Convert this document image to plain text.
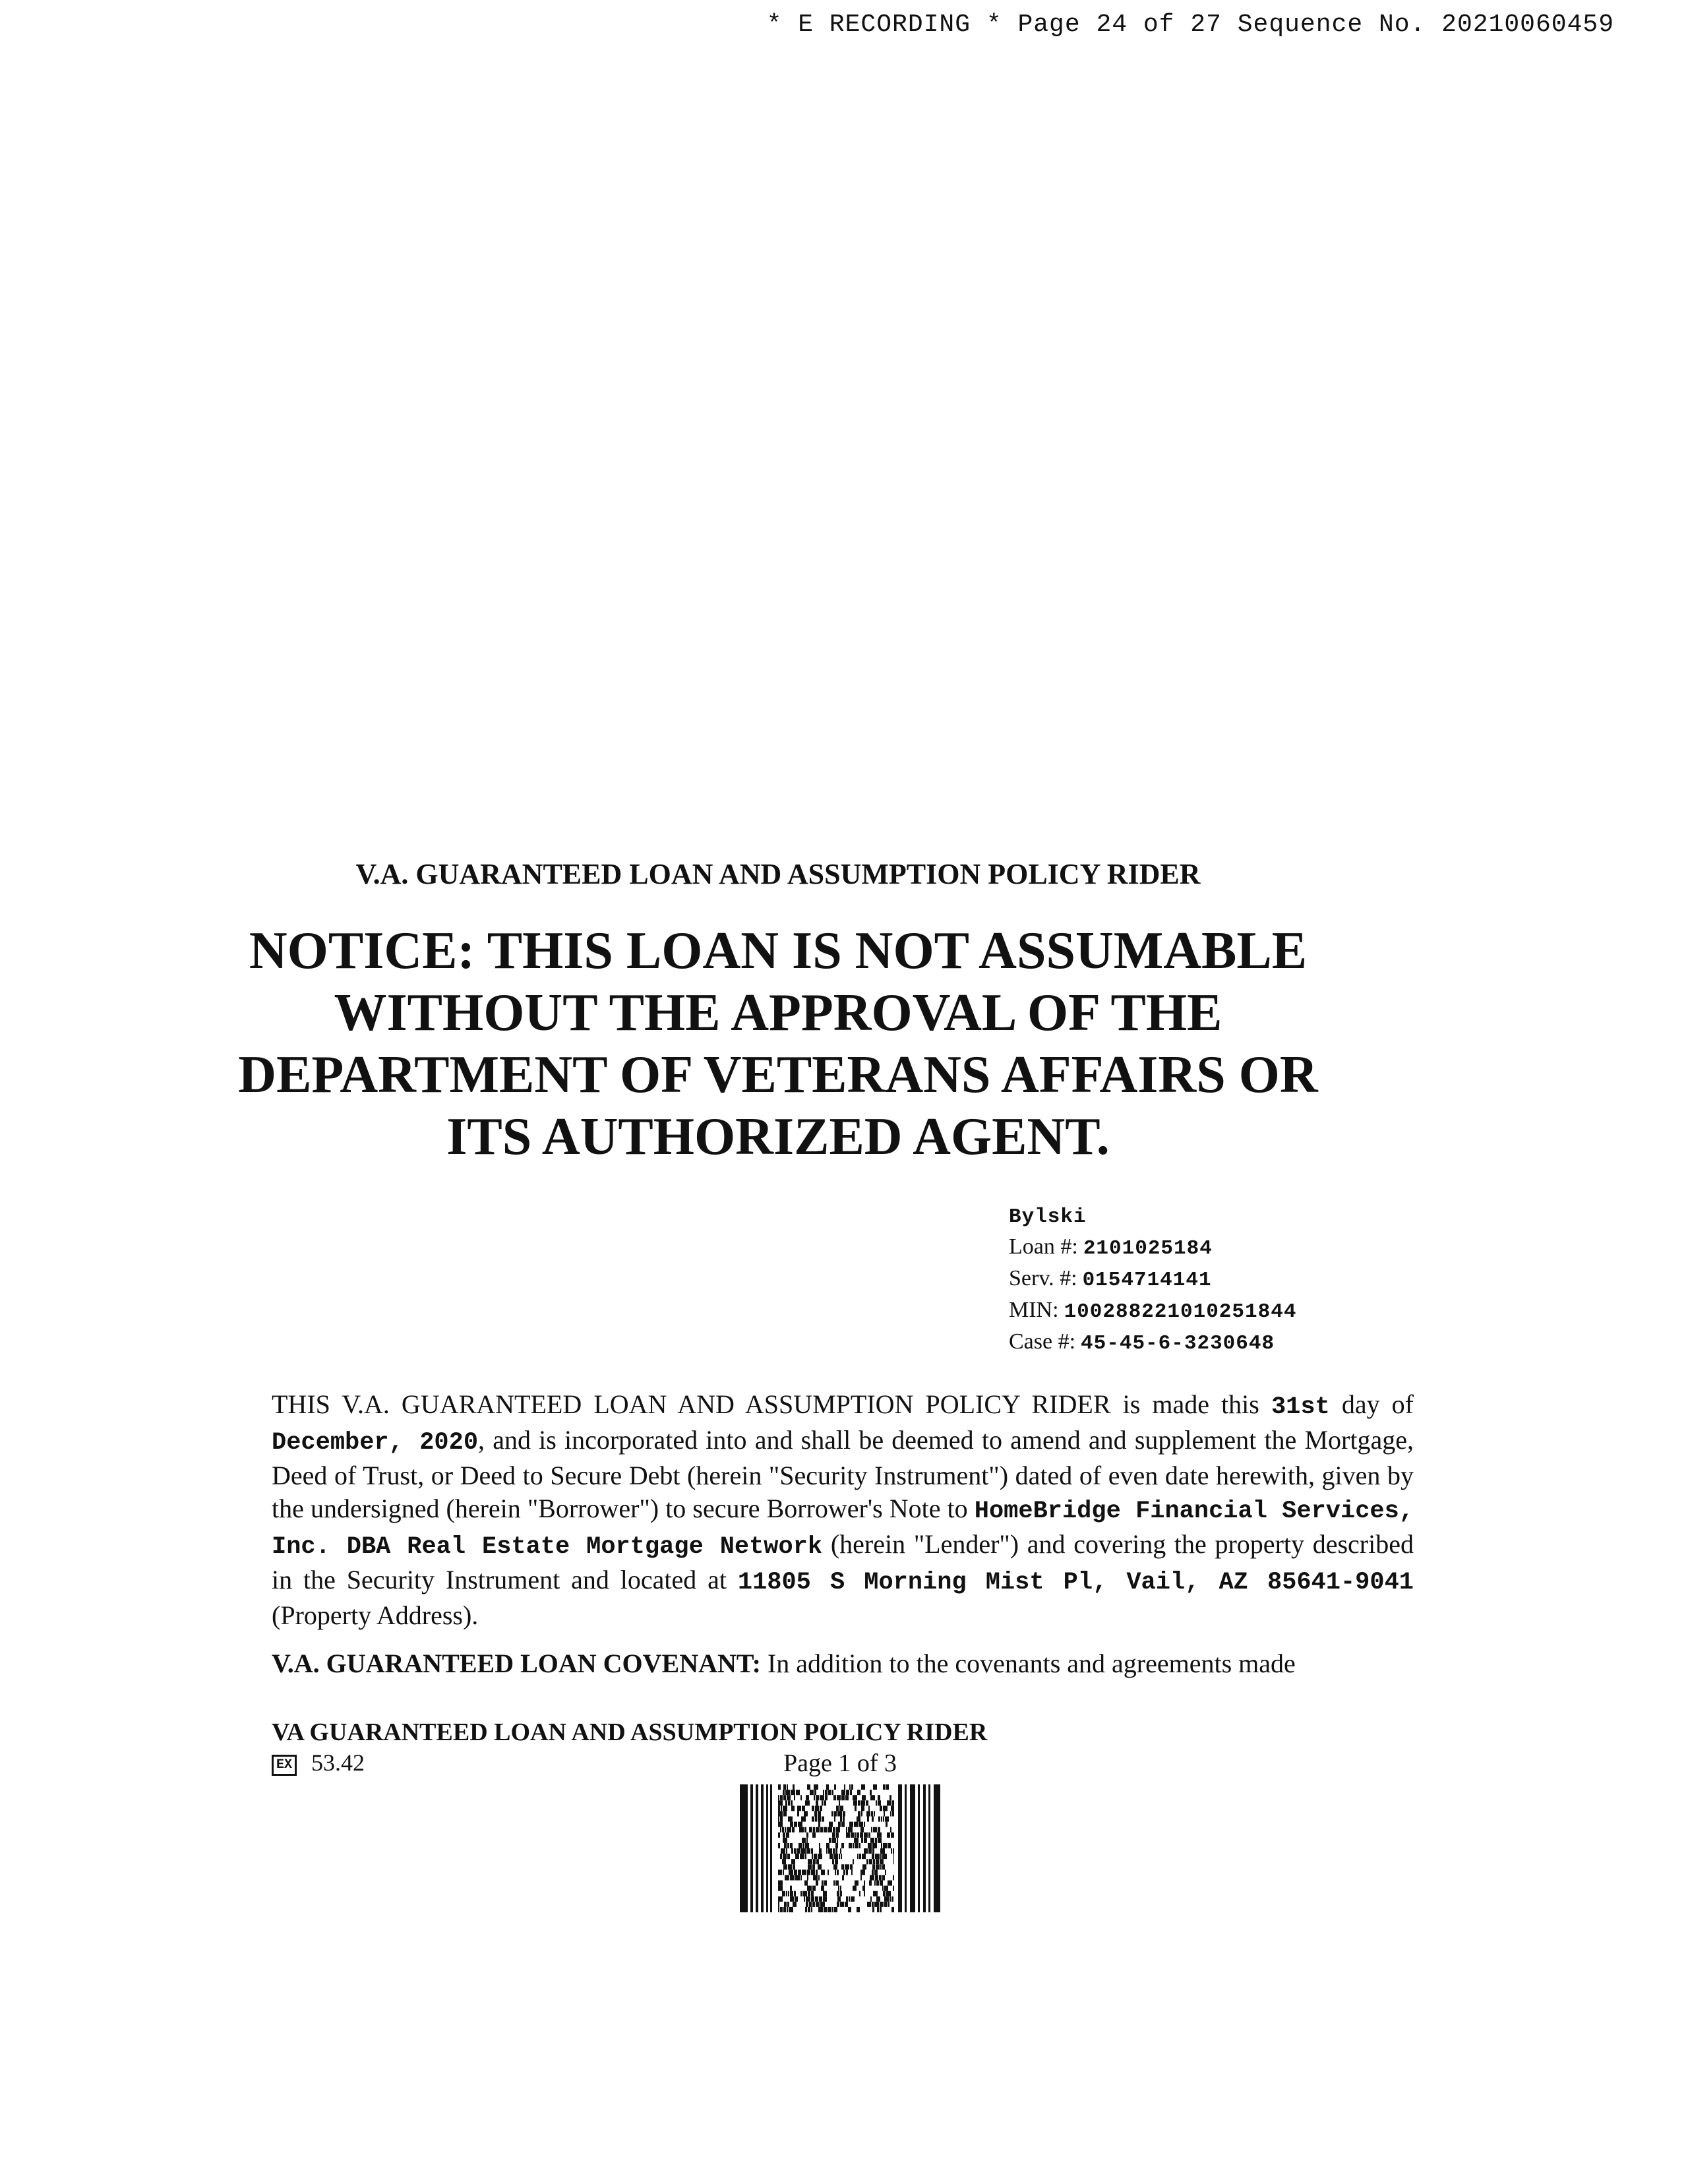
* E RECORDING * Page 24 of 27 Sequence No. 20210060459
V.A. GUARANTEED LOAN AND ASSUMPTION POLICY RIDER
NOTICE: THIS LOAN IS NOT ASSUMABLE
WITHOUT THE APPROVAL OF THE
DEPARTMENT OF VETERANS AFFAIRS OR
ITS AUTHORIZED AGENT.
Bylski
Loan #: 2101025184
Serv. #: 0154714141
MIN: 100288221010251844
Case #: 45-45-6-3230648
THIS V.A. GUARANTEED LOAN AND ASSUMPTION POLICY RIDER is made this 31st day of December, 2020, and is incorporated into and shall be deemed to amend and supplement the Mortgage, Deed of Trust, or Deed to Secure Debt (herein "Security Instrument") dated of even date herewith, given by the undersigned (herein "Borrower") to secure Borrower's Note to HomeBridge Financial Services, Inc. DBA Real Estate Mortgage Network (herein "Lender") and covering the property described in the Security Instrument and located at 11805 S Morning Mist Pl, Vail, AZ 85641-9041 (Property Address).
V.A. GUARANTEED LOAN COVENANT: In addition to the covenants and agreements made
VA GUARANTEED LOAN AND ASSUMPTION POLICY RIDER
EX 53.42	Page 1 of 3
